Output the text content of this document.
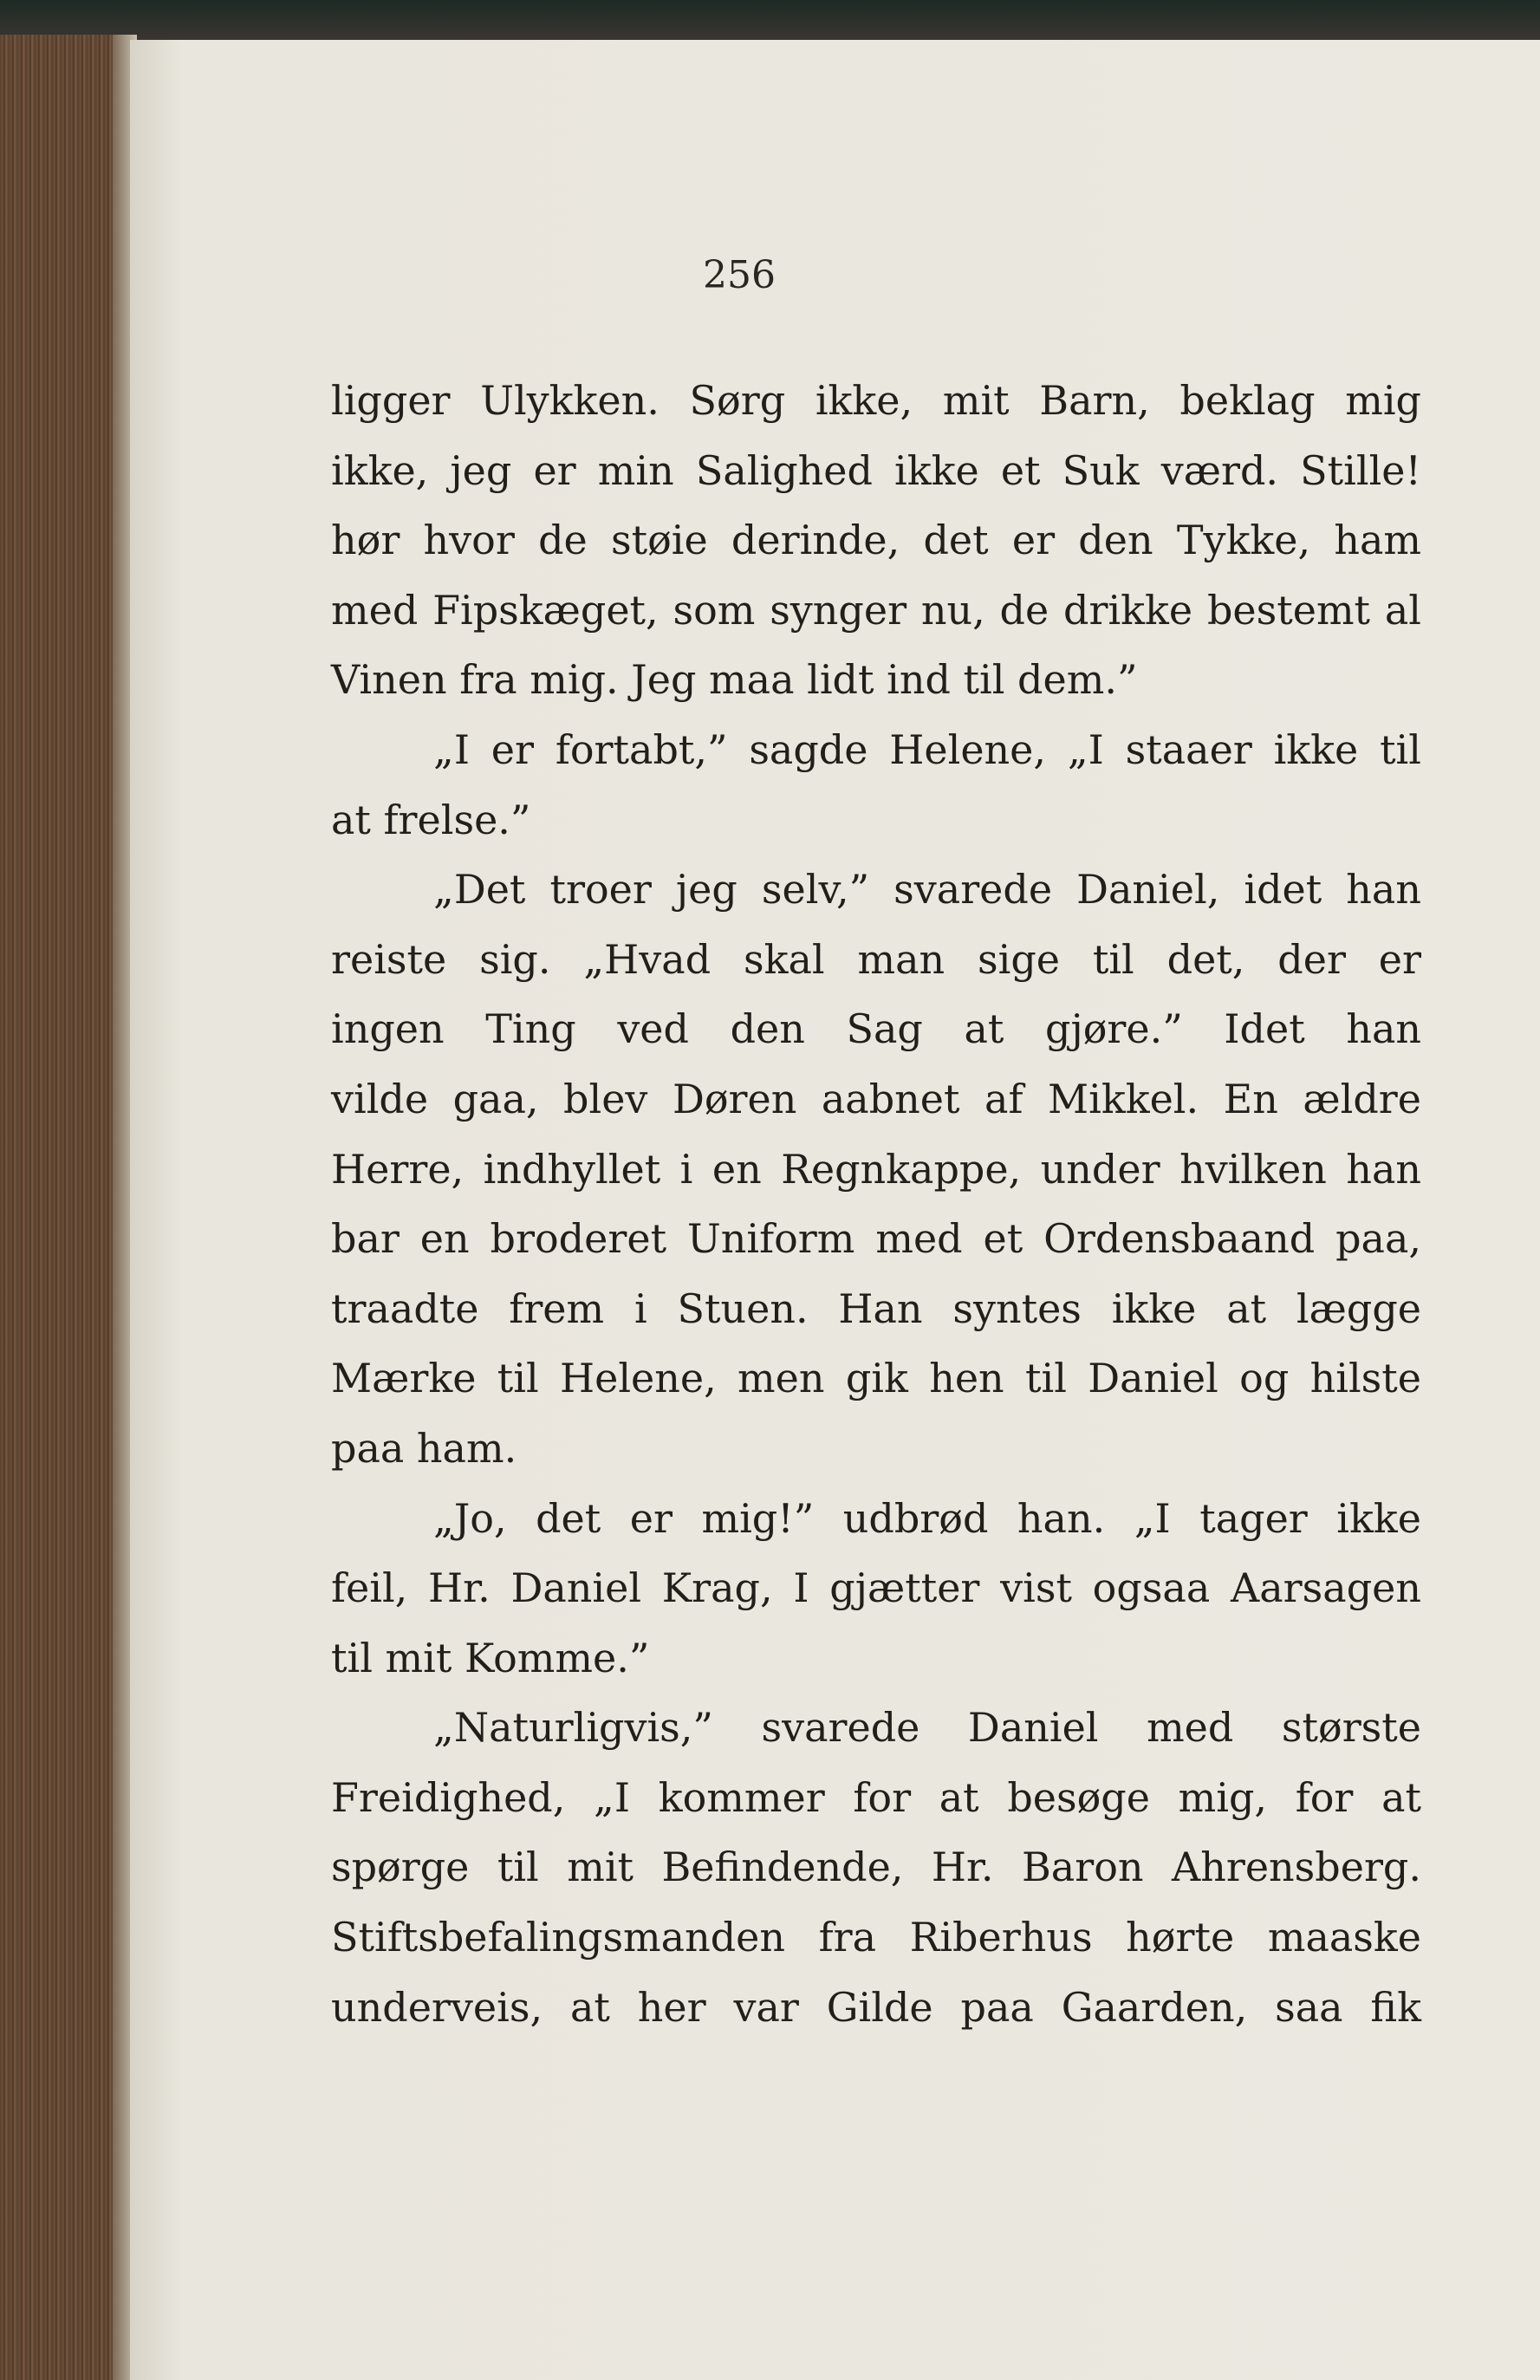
256
ligger Ulykken. Sørg ikke, mit Barn, beklag mig
ikke, jeg er min Salighed ikke et Suk værd. Stille!
hør hvor de støie derinde, det er den Tykke, ham
med Fipskæget, som synger nu, de drikke bestemt al
Vinen fra mig. Jeg maa lidt ind til dem.”
„I er fortabt,” sagde Helene, „I staaer ikke til
at frelse.”
„Det troer jeg selv,” svarede Daniel, idet han
reiste sig. „Hvad skal man sige til det, der er
ingen Ting ved den Sag at gjøre.” Idet han
vilde gaa, blev Døren aabnet af Mikkel. En ældre
Herre, indhyllet i en Regnkappe, under hvilken han
bar en broderet Uniform med et Ordensbaand paa,
traadte frem i Stuen. Han syntes ikke at lægge
Mærke til Helene, men gik hen til Daniel og hilste
paa ham.
„Jo, det er mig!” udbrød han. „I tager ikke
feil, Hr. Daniel Krag, I gjætter vist ogsaa Aarsagen
til mit Komme.”
„Naturligvis,” svarede Daniel med største
Freidighed, „I kommer for at besøge mig, for at
spørge til mit Befindende, Hr. Baron Ahrensberg.
Stiftsbefalingsmanden fra Riberhus hørte maaske
underveis, at her var Gilde paa Gaarden, saa fik
